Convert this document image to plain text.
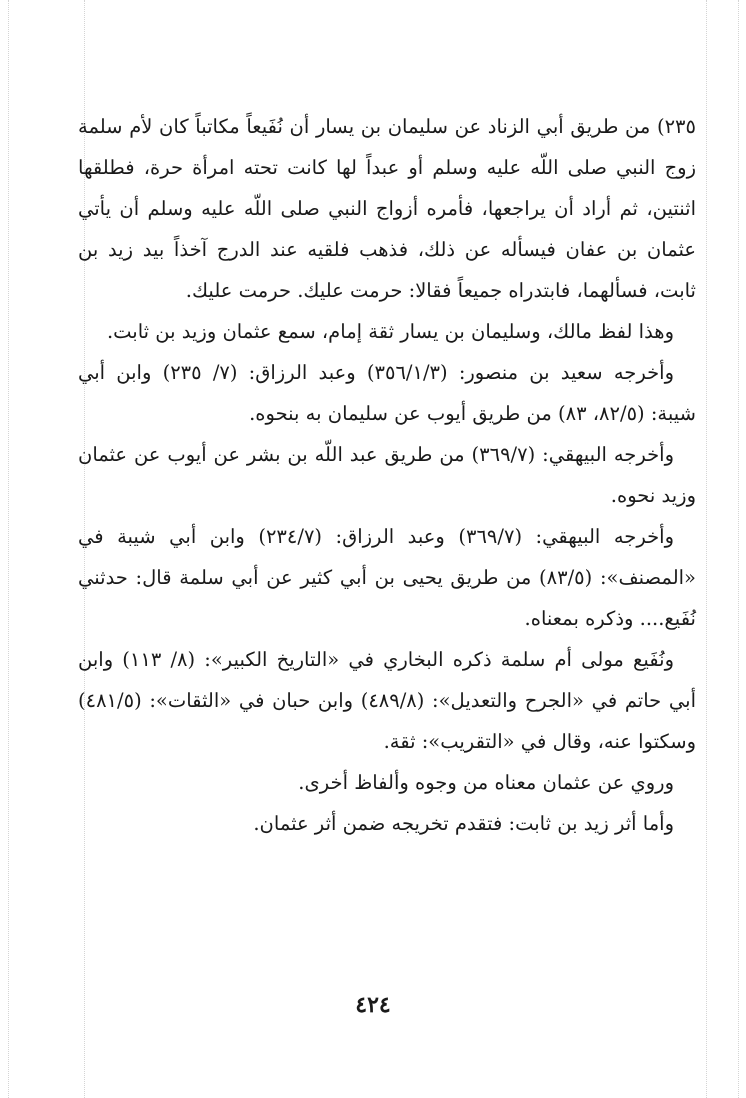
٢٣٥) من طريق أبي الزناد عن سليمان بن يسار أن نُفَيعاً مكاتباً كان لأم سلمة زوج النبي صلى اللّه عليه وسلم أو عبداً لها كانت تحته امرأة حرة، فطلقها اثنتين، ثم أراد أن يراجعها، فأمره أزواج النبي صلى اللّه عليه وسلم أن يأتي عثمان بن عفان فيسأله عن ذلك، فذهب فلقيه عند الدرج آخذاً بيد زيد بن ثابت، فسألهما، فابتدراه جميعاً فقالا: حرمت عليك. حرمت عليك.

وهذا لفظ مالك، وسليمان بن يسار ثقة إمام، سمع عثمان وزيد بن ثابت.

وأخرجه سعيد بن منصور: (٣٥٦/١/٣) وعبد الرزاق: (٧/ ٢٣٥) وابن أبي شيبة: (٨٢/٥، ٨٣) من طريق أيوب عن سليمان به بنحوه.

وأخرجه البيهقي: (٣٦٩/٧) من طريق عبد اللّه بن بشر عن أيوب عن عثمان وزيد نحوه.

وأخرجه البيهقي: (٣٦٩/٧) وعبد الرزاق: (٢٣٤/٧) وابن أبي شيبة في «المصنف»: (٨٣/٥) من طريق يحيى بن أبي كثير عن أبي سلمة قال: حدثني نُفَيع.... وذكره بمعناه.

ونُفَيع مولى أم سلمة ذكره البخاري في «التاريخ الكبير»: (٨/ ١١٣) وابن أبي حاتم في «الجرح والتعديل»: (٤٨٩/٨) وابن حبان في «الثقات»: (٤٨١/٥) وسكتوا عنه، وقال في «التقريب»: ثقة.

وروي عن عثمان معناه من وجوه وألفاظ أخرى.

وأما أثر زيد بن ثابت: فتقدم تخريجه ضمن أثر عثمان.

٤٢٤
